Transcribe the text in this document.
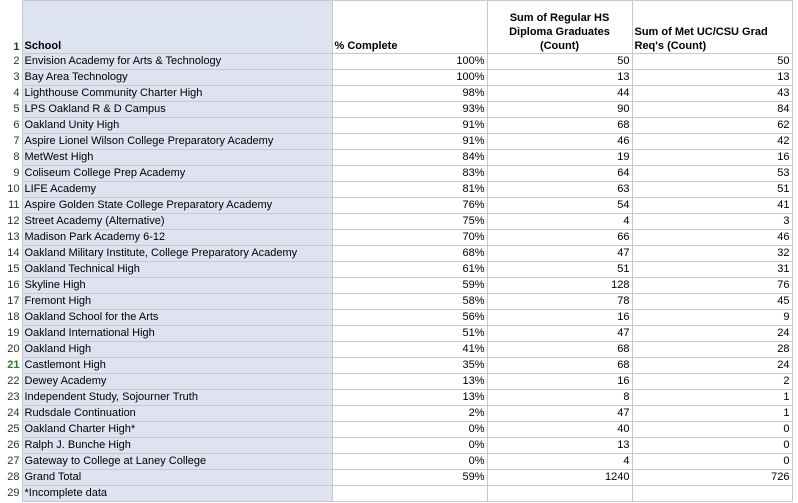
1	School	% Complete	Sum of Regular HS Diploma Graduates (Count)	Sum of Met UC/CSU Grad Req's (Count)
2	Envision Academy for Arts & Technology	100%	50	50
3	Bay Area Technology	100%	13	13
4	Lighthouse Community Charter High	98%	44	43
5	LPS Oakland R & D Campus	93%	90	84
6	Oakland Unity High	91%	68	62
7	Aspire Lionel Wilson College Preparatory Academy	91%	46	42
8	MetWest High	84%	19	16
9	Coliseum College Prep Academy	83%	64	53
10	LIFE Academy	81%	63	51
11	Aspire Golden State College Preparatory Academy	76%	54	41
12	Street Academy (Alternative)	75%	4	3
13	Madison Park Academy 6-12	70%	66	46
14	Oakland Military Institute, College Preparatory Academy	68%	47	32
15	Oakland Technical High	61%	51	31
16	Skyline High	59%	128	76
17	Fremont High	58%	78	45
18	Oakland School for the Arts	56%	16	9
19	Oakland International High	51%	47	24
20	Oakland High	41%	68	28
21	Castlemont High	35%	68	24
22	Dewey Academy	13%	16	2
23	Independent Study, Sojourner Truth	13%	8	1
24	Rudsdale Continuation	2%	47	1
25	Oakland Charter High*	0%	40	0
26	Ralph J. Bunche High	0%	13	0
27	Gateway to College at Laney College	0%	4	0
28	Grand Total	59%	1240	726
29	*Incomplete data			
